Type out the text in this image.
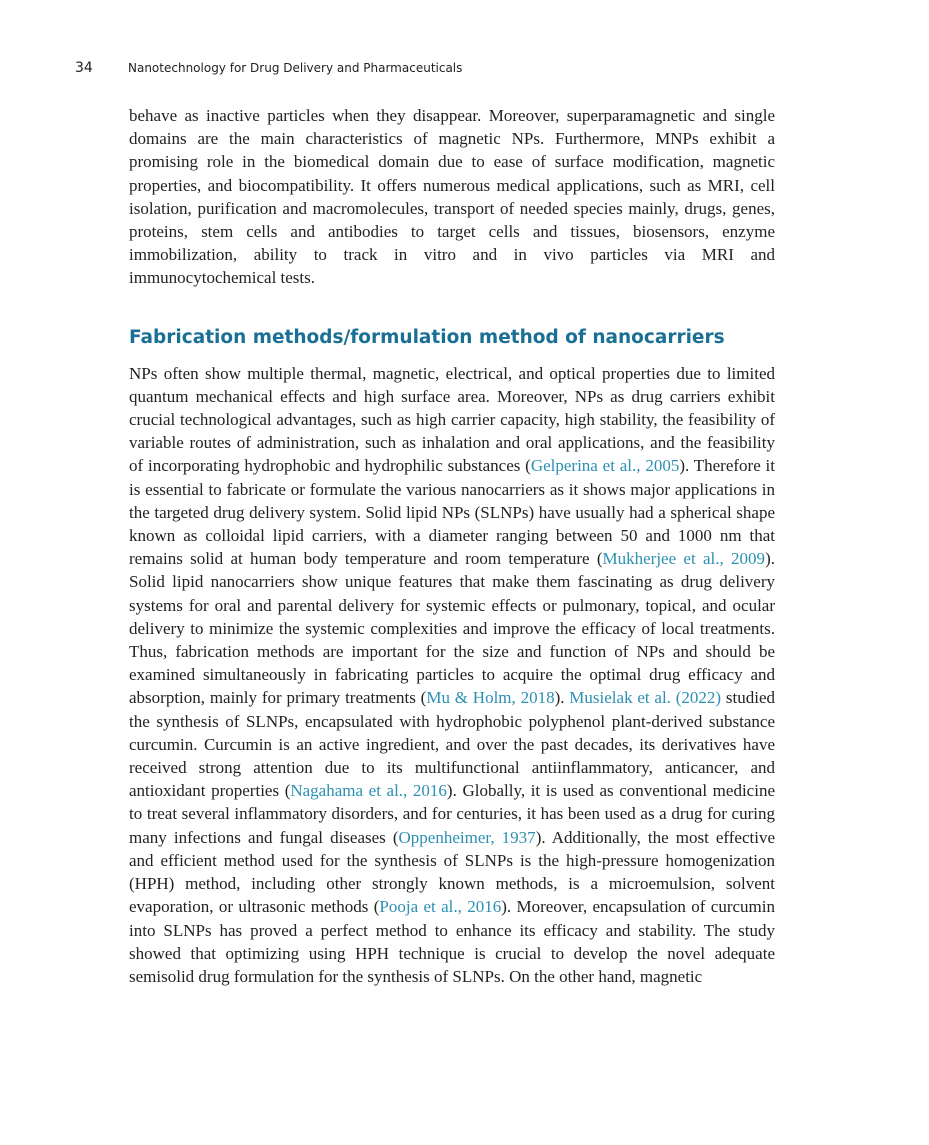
34	Nanotechnology for Drug Delivery and Pharmaceuticals

behave as inactive particles when they disappear. Moreover, superparamagnetic and single domains are the main characteristics of magnetic NPs. Furthermore, MNPs exhibit a promising role in the biomedical domain due to ease of surface modification, magnetic properties, and biocompatibility. It offers numerous medical applications, such as MRI, cell isolation, purification and macromolecules, transport of needed species mainly, drugs, genes, proteins, stem cells and antibodies to target cells and tissues, biosensors, enzyme immobilization, ability to track in vitro and in vivo particles via MRI and immunocytochemical tests.

Fabrication methods/formulation method of nanocarriers

NPs often show multiple thermal, magnetic, electrical, and optical properties due to limited quantum mechanical effects and high surface area. Moreover, NPs as drug carriers exhibit crucial technological advantages, such as high carrier capacity, high stability, the feasibility of variable routes of administration, such as inhalation and oral applications, and the feasibility of incorporating hydrophobic and hydrophilic substances (Gelperina et al., 2005). Therefore it is essential to fabricate or formulate the various nanocarriers as it shows major applications in the targeted drug delivery system. Solid lipid NPs (SLNPs) have usually had a spherical shape known as colloidal lipid carriers, with a diameter ranging between 50 and 1000 nm that remains solid at human body temperature and room temperature (Mukherjee et al., 2009). Solid lipid nanocarriers show unique features that make them fascinating as drug delivery systems for oral and parental delivery for systemic effects or pulmonary, topical, and ocular delivery to minimize the systemic complexities and improve the efficacy of local treatments. Thus, fabrication methods are important for the size and function of NPs and should be examined simultaneously in fabricating particles to acquire the optimal drug efficacy and absorption, mainly for primary treatments (Mu & Holm, 2018). Musielak et al. (2022) studied the synthesis of SLNPs, encapsulated with hydrophobic polyphenol plant-derived substance curcumin. Curcumin is an active ingredient, and over the past decades, its derivatives have received strong attention due to its multifunctional antiinflammatory, anticancer, and antioxidant properties (Nagahama et al., 2016). Globally, it is used as conventional medicine to treat several inflammatory disorders, and for centuries, it has been used as a drug for curing many infections and fungal diseases (Oppenheimer, 1937). Additionally, the most effective and efficient method used for the synthesis of SLNPs is the high-pressure homogenization (HPH) method, including other strongly known methods, is a microemulsion, solvent evaporation, or ultrasonic methods (Pooja et al., 2016). Moreover, encapsulation of curcumin into SLNPs has proved a perfect method to enhance its efficacy and stability. The study showed that optimizing using HPH technique is crucial to develop the novel adequate semisolid drug formulation for the synthesis of SLNPs. On the other hand, magnetic
